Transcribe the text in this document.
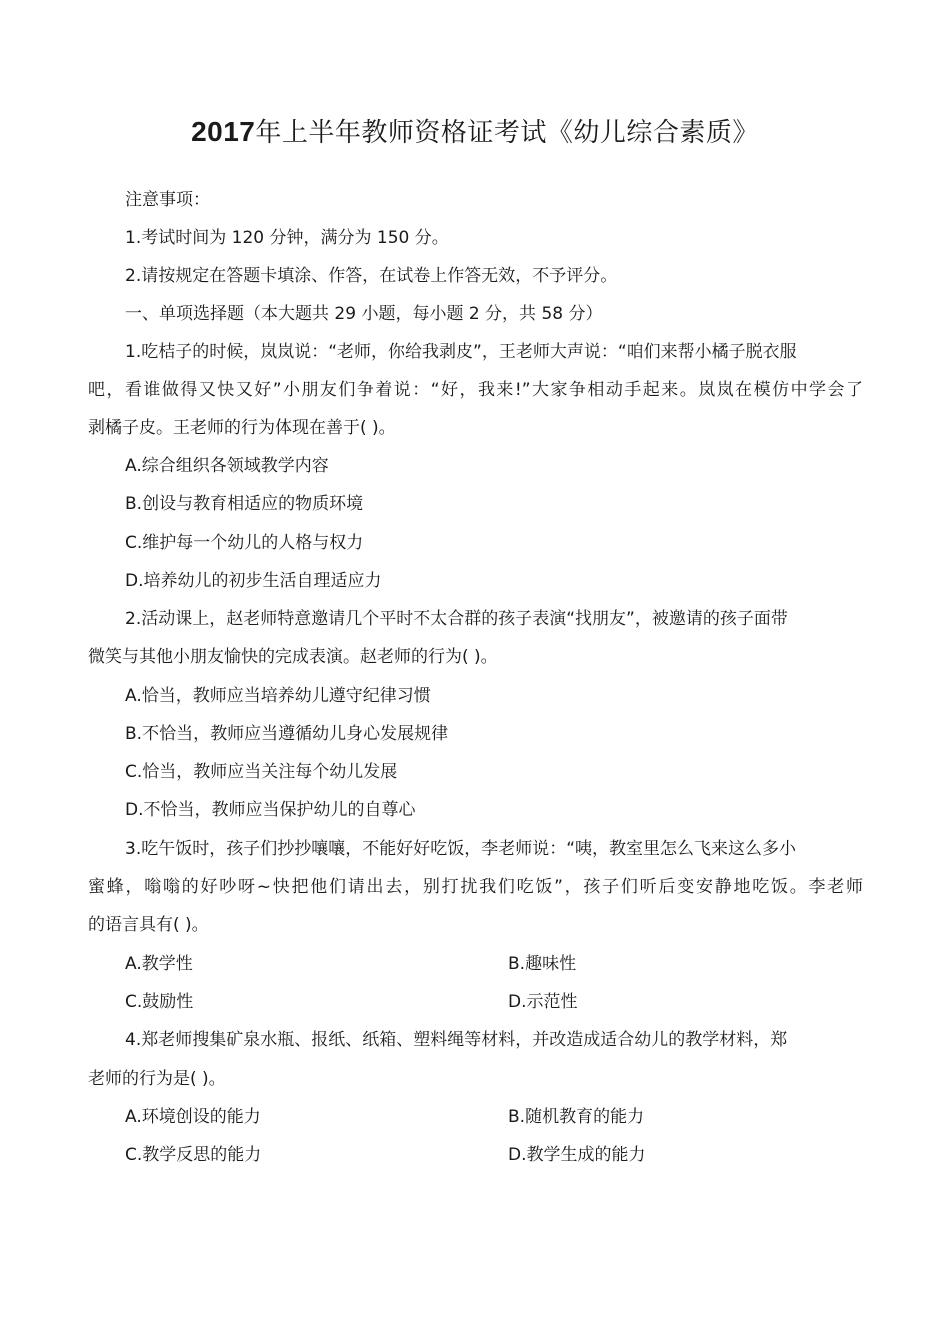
2017年上半年教师资格证考试《幼儿综合素质》
注意事项：
1.考试时间为 120 分钟，满分为 150 分。
2.请按规定在答题卡填涂、作答，在试卷上作答无效，不予评分。
一、单项选择题（本大题共 29 小题，每小题 2 分，共 58 分）
1.吃桔子的时候，岚岚说：“老师，你给我剥皮”，王老师大声说：“咱们来帮小橘子脱衣服
吧，看谁做得又快又好”小朋友们争着说：“好，我来!”大家争相动手起来。岚岚在模仿中学会了
剥橘子皮。王老师的行为体现在善于( )。
A.综合组织各领域教学内容
B.创设与教育相适应的物质环境
C.维护每一个幼儿的人格与权力
D.培养幼儿的初步生活自理适应力
2.活动课上，赵老师特意邀请几个平时不太合群的孩子表演“找朋友”，被邀请的孩子面带
微笑与其他小朋友愉快的完成表演。赵老师的行为( )。
A.恰当，教师应当培养幼儿遵守纪律习惯
B.不恰当，教师应当遵循幼儿身心发展规律
C.恰当，教师应当关注每个幼儿发展
D.不恰当，教师应当保护幼儿的自尊心
3.吃午饭时，孩子们抄抄嚷嚷，不能好好吃饭，李老师说：“咦，教室里怎么飞来这么多小
蜜蜂，嗡嗡的好吵呀~快把他们请出去，别打扰我们吃饭”，孩子们听后变安静地吃饭。李老师
的语言具有( )。
A.教学性	B.趣味性
C.鼓励性	D.示范性
4.郑老师搜集矿泉水瓶、报纸、纸箱、塑料绳等材料，并改造成适合幼儿的教学材料，郑
老师的行为是( )。
A.环境创设的能力	B.随机教育的能力
C.教学反思的能力	D.教学生成的能力
